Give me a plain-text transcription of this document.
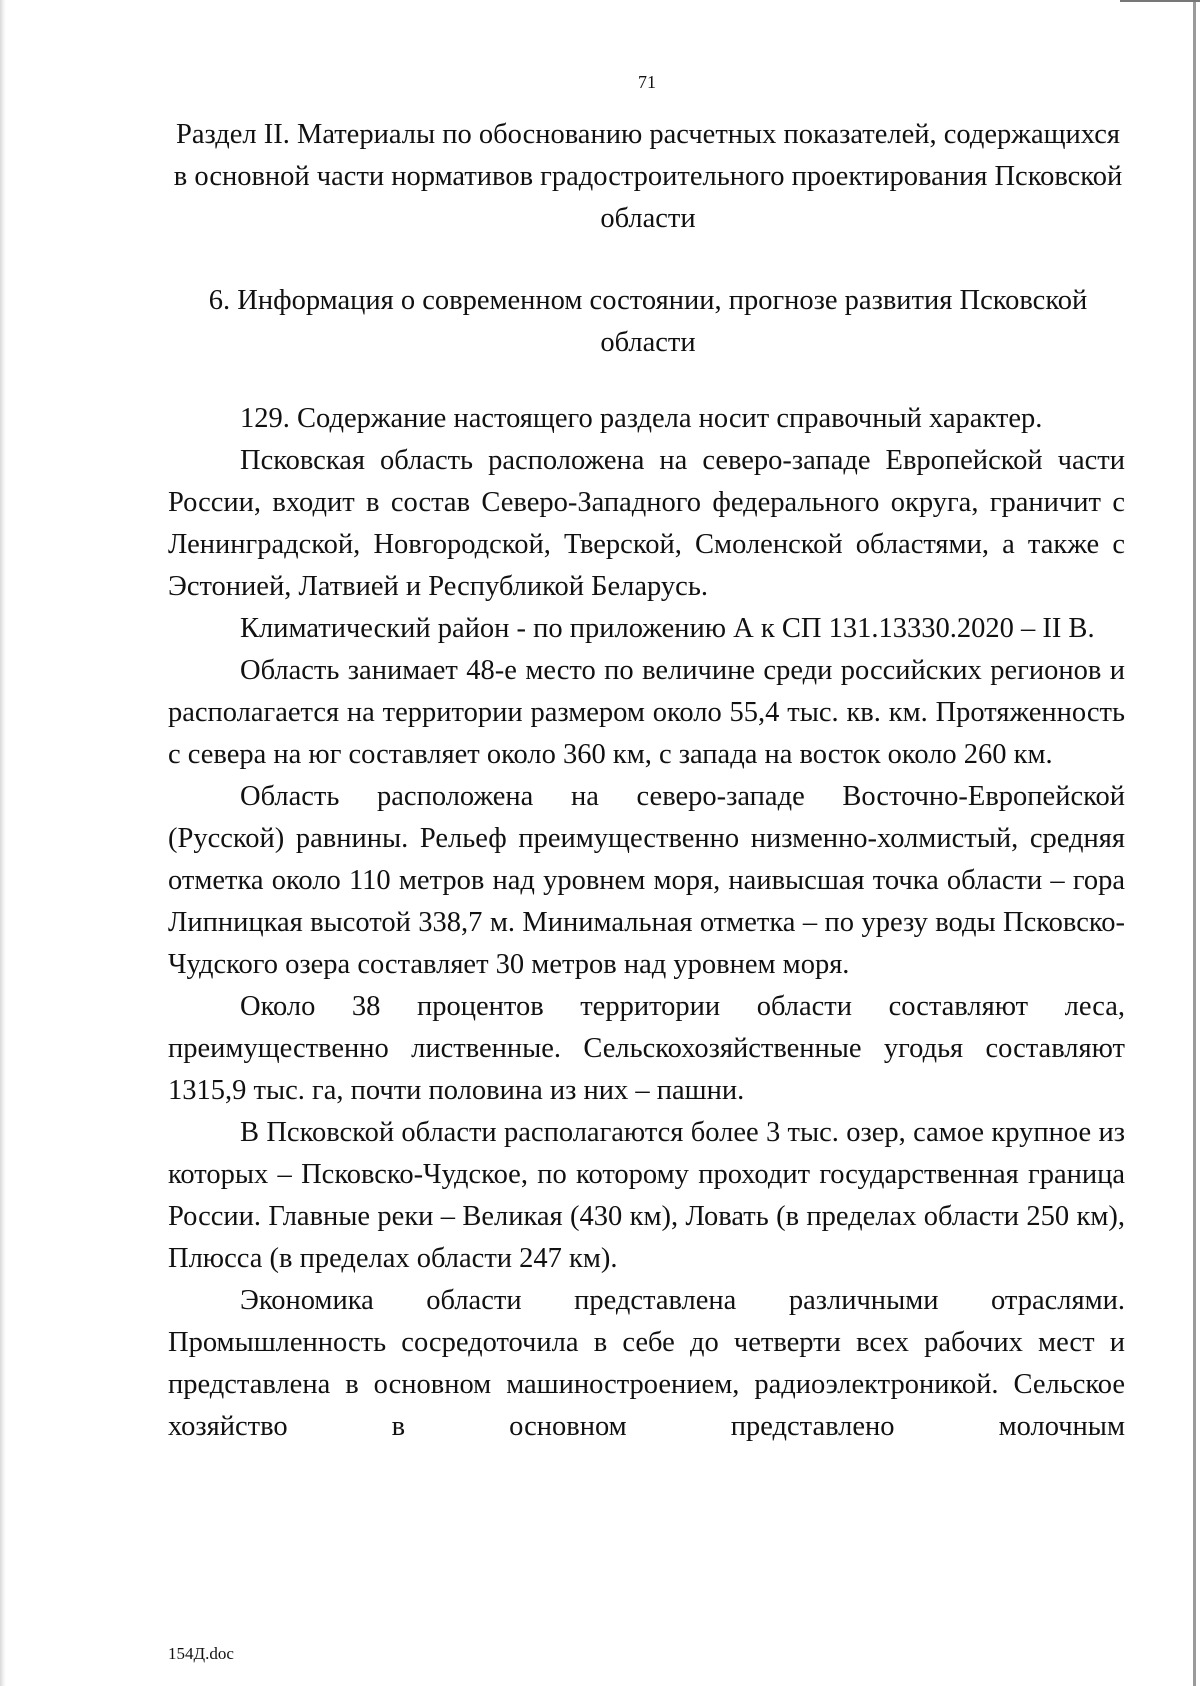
71
Раздел II. Материалы по обоснованию расчетных показателей, содержащихся в основной части нормативов градостроительного проектирования Псковской области
6. Информация о современном состоянии, прогнозе развития Псковской области

129. Содержание настоящего раздела носит справочный характер.

Псковская область расположена на северо-западе Европейской части России, входит в состав Северо-Западного федерального округа, граничит с Ленинградской, Новгородской, Тверской, Смоленской областями, а также с Эстонией, Латвией и Республикой Беларусь.

Климатический район - по приложению А к СП 131.13330.2020 – II В.

Область занимает 48-е место по величине среди российских регионов и располагается на территории размером около 55,4 тыс. кв. км. Протяженность с севера на юг составляет около 360 км, с запада на восток около 260 км.

Область расположена на северо-западе Восточно-Европейской (Русской) равнины. Рельеф преимущественно низменно-холмистый, средняя отметка около 110 метров над уровнем моря, наивысшая точка области – гора Липницкая высотой 338,7 м. Минимальная отметка – по урезу воды Псковско-Чудского озера составляет 30 метров над уровнем моря.

Около 38 процентов территории области составляют леса, преимущественно лиственные. Сельскохозяйственные угодья составляют 1315,9 тыс. га, почти половина из них – пашни.

В Псковской области располагаются более 3 тыс. озер, самое крупное из которых – Псковско-Чудское, по которому проходит государственная граница России. Главные реки – Великая (430 км), Ловать (в пределах области 250 км), Плюсса (в пределах области 247 км).

Экономика области представлена различными отраслями. Промышленность сосредоточила в себе до четверти всех рабочих мест и представлена в основном машиностроением, радиоэлектроникой. Сельское хозяйство в основном представлено молочным

154Д.doc
